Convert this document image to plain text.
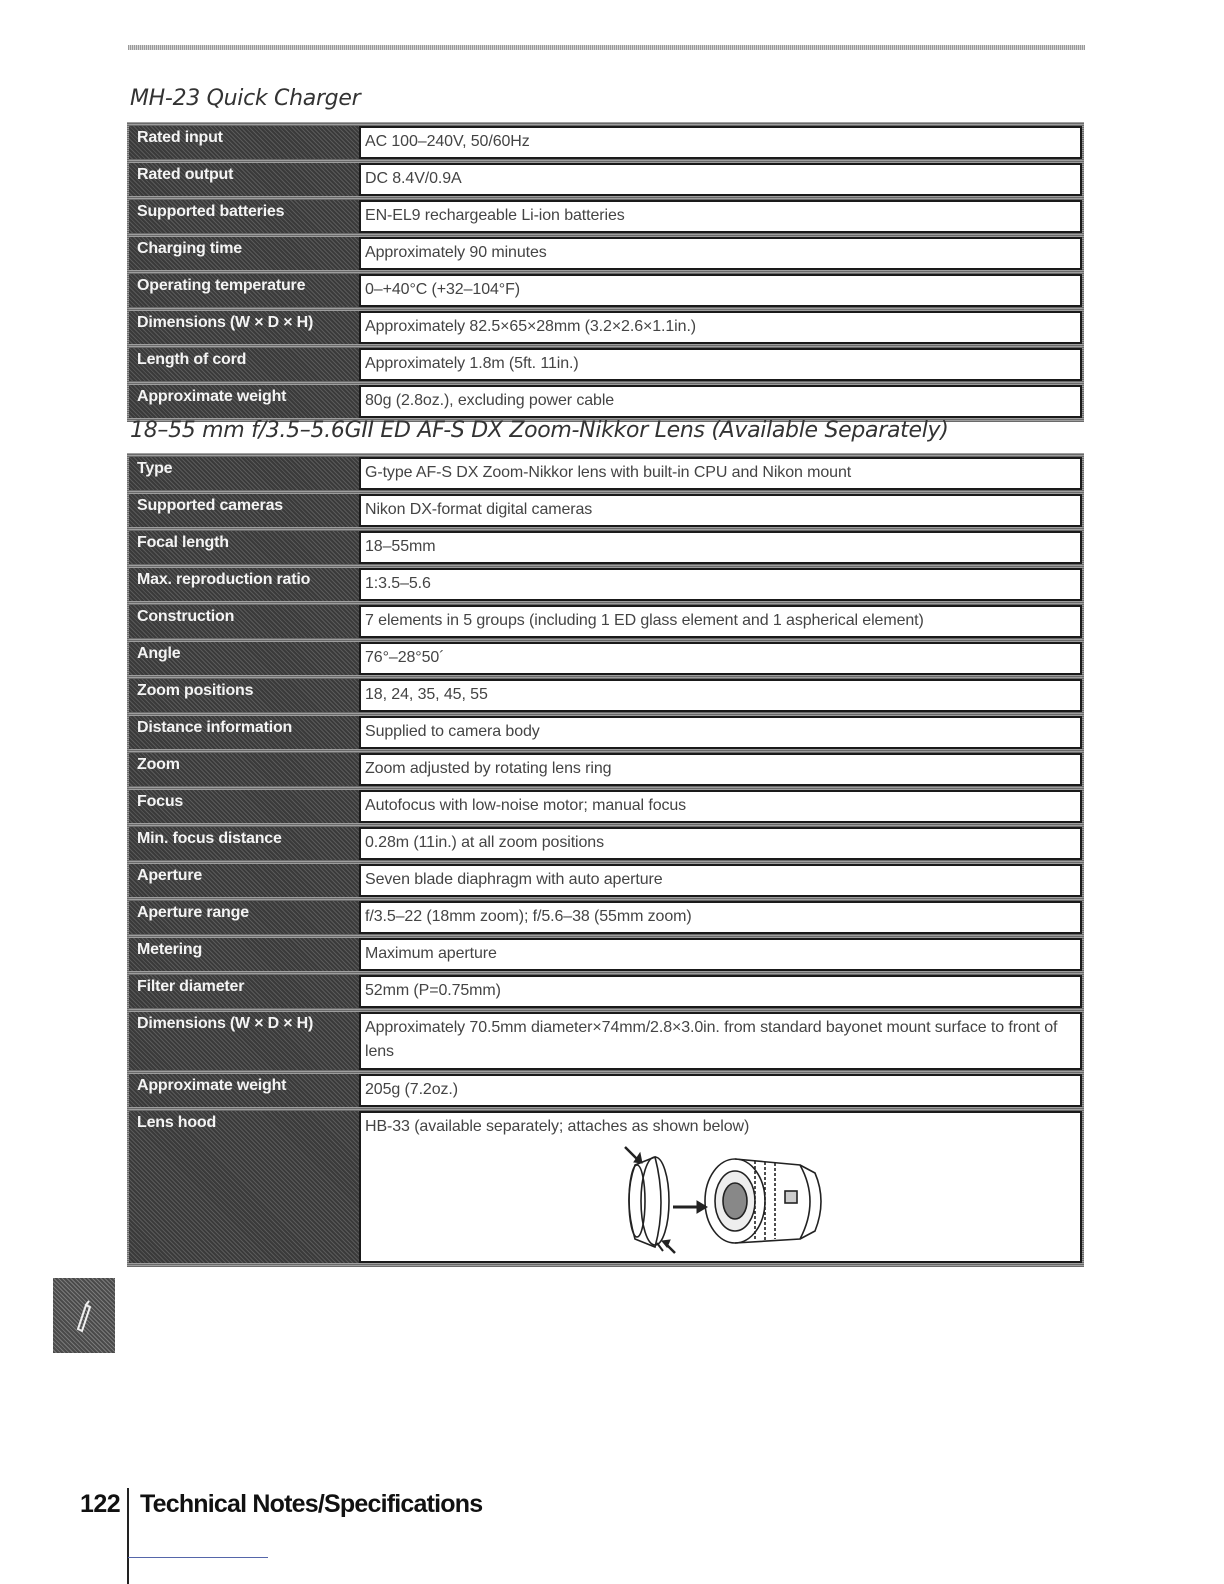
MH-23 Quick Charger
Rated input	AC 100–240V, 50/60Hz
Rated output	DC 8.4V/0.9A
Supported batteries	EN-EL9 rechargeable Li-ion batteries
Charging time	Approximately 90 minutes
Operating temperature	0–+40°C (+32–104°F)
Dimensions (W × D × H)	Approximately 82.5×65×28mm (3.2×2.6×1.1in.)
Length of cord	Approximately 1.8m (5ft. 11in.)
Approximate weight	80g (2.8oz.), excluding power cable
18–55 mm f/3.5–5.6GII ED AF-S DX Zoom-Nikkor Lens (Available Separately)
Type	G-type AF-S DX Zoom-Nikkor lens with built-in CPU and Nikon mount
Supported cameras	Nikon DX-format digital cameras
Focal length	18–55mm
Max. reproduction ratio	1:3.5–5.6
Construction	7 elements in 5 groups (including 1 ED glass element and 1 aspherical element)
Angle	76°–28°50´
Zoom positions	18, 24, 35, 45, 55
Distance information	Supplied to camera body
Zoom	Zoom adjusted by rotating lens ring
Focus	Autofocus with low-noise motor; manual focus
Min. focus distance	0.28m (11in.) at all zoom positions
Aperture	Seven blade diaphragm with auto aperture
Aperture range	f/3.5–22 (18mm zoom); f/5.6–38 (55mm zoom)
Metering	Maximum aperture
Filter diameter	52mm (P=0.75mm)
Dimensions (W × D × H)	Approximately 70.5mm diameter×74mm/2.8×3.0in. from standard bayonet mount surface to front of lens
Approximate weight	205g (7.2oz.)
Lens hood	HB-33 (available separately; attaches as shown below)
122 Technical Notes/Specifications
